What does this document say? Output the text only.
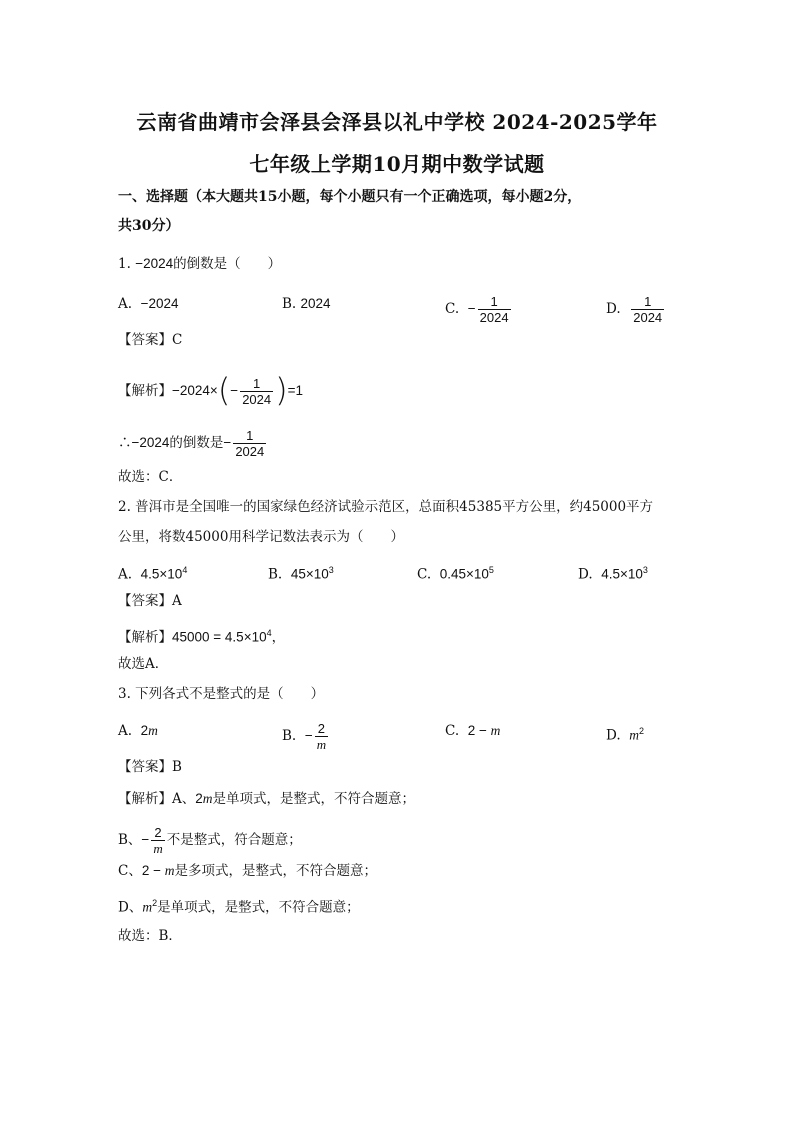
云南省曲靖市会泽县会泽县以礼中学校 2024-2025学年
七年级上学期10月期中数学试题
一、选择题（本大题共15小题，每个小题只有一个正确选项，每小题2分，
共30分）
1. −2024的倒数是（　　）
A. −2024	B. 2024	C. − $\frac{1}{2024}$	D. $\frac{1}{2024}$
【答案】C
【解析】$-2024\times(- \frac{1}{2024} )=1$
∴−2024的倒数是− $\frac{1}{2024}$
故选：C．
2. 普洱市是全国唯一的国家绿色经济试验示范区，总面积45385平方公里，约45000平方
公里，将数45000用科学记数法表示为（　　）
A. $4.5\times 10^4$	B. $45\times 10^3$	C. $0.45\times 10^5$	D. $4.5\times 10^3$
【答案】A
【解析】$45000 = 4.5\times 10^4$，
故选A．
3. 下列各式不是整式的是（　　）
A. 2m	B. − $\frac{2}{m}$	C. 2 − m	D. $m^2$
【答案】B
【解析】A、2m是单项式，是整式，不符合题意；
B、− $\frac{2}{m}$ 不是整式，符合题意；
C、2 − m是多项式，是整式，不符合题意；
D、$m^2$是单项式，是整式，不符合题意；
故选：B．
